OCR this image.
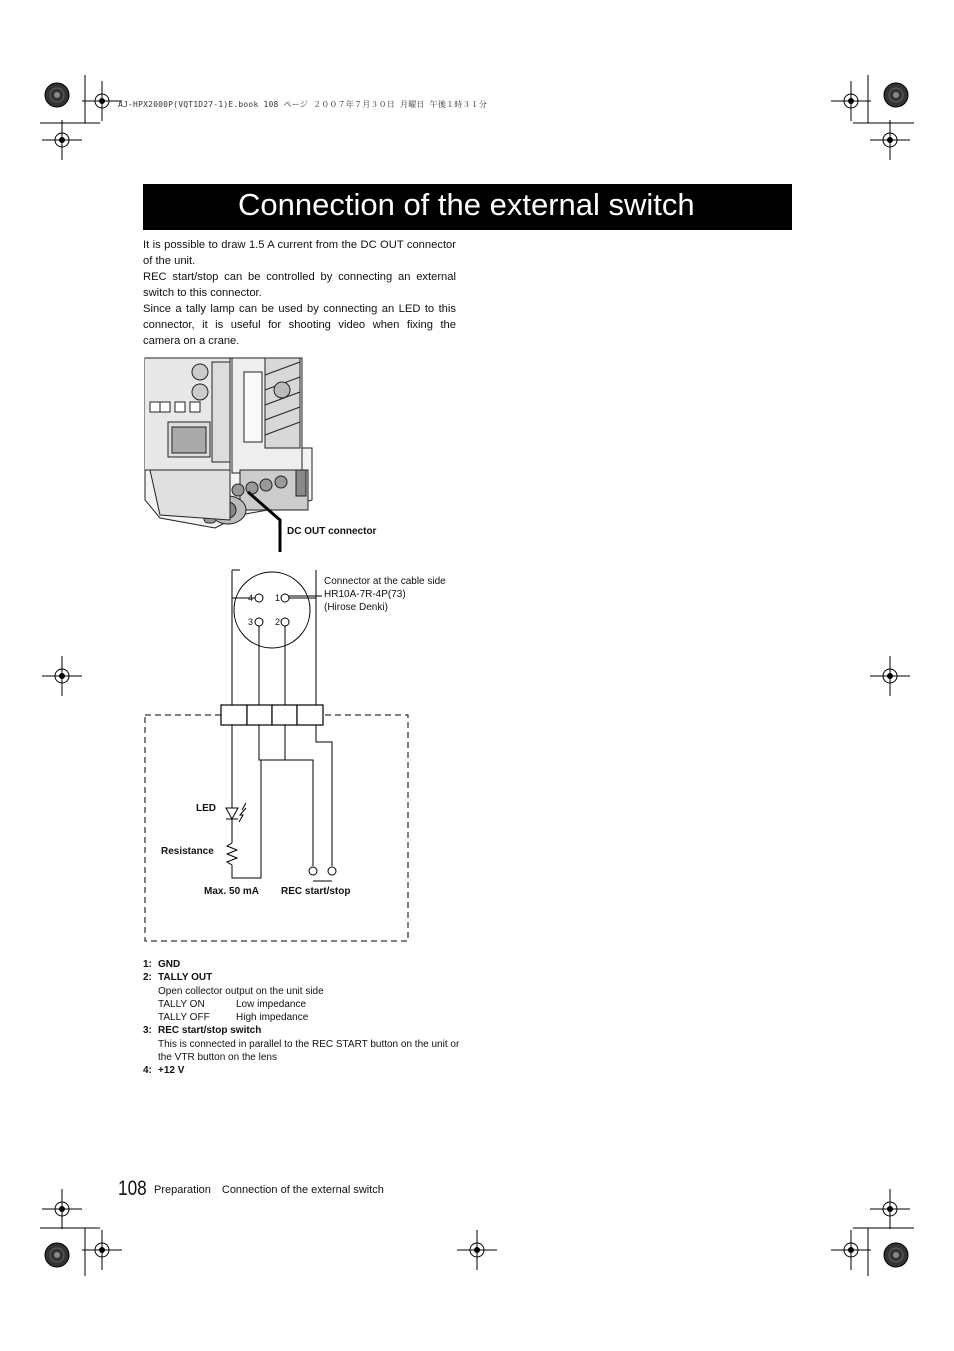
AJ-HPX2000P(VQT1D27-1)E.book 108 ページ ２００７年７月３０日 月曜日 午後１時３１分
Connection of the external switch

It is possible to draw 1.5 A current from the DC OUT connector of the unit.

REC start/stop can be controlled by connecting an external switch to this connector.

Since a tally lamp can be used by connecting an LED to this connector, it is useful for shooting video when fixing the camera on a crane.

DC OUT connector
Connector at the cable side
HR10A-7R-4P(73)
(Hirose Denki)
4 1
3 2
LED
Resistance
Max. 50 mA REC start/stop
1: GND
2: TALLY OUT
Open collector output on the unit side
TALLY ON	Low impedance
TALLY OFF	High impedance
3: REC start/stop switch
This is connected in parallel to the REC START button on the unit or the VTR button on the lens
4: +12 V
108 Preparation Connection of the external switch
